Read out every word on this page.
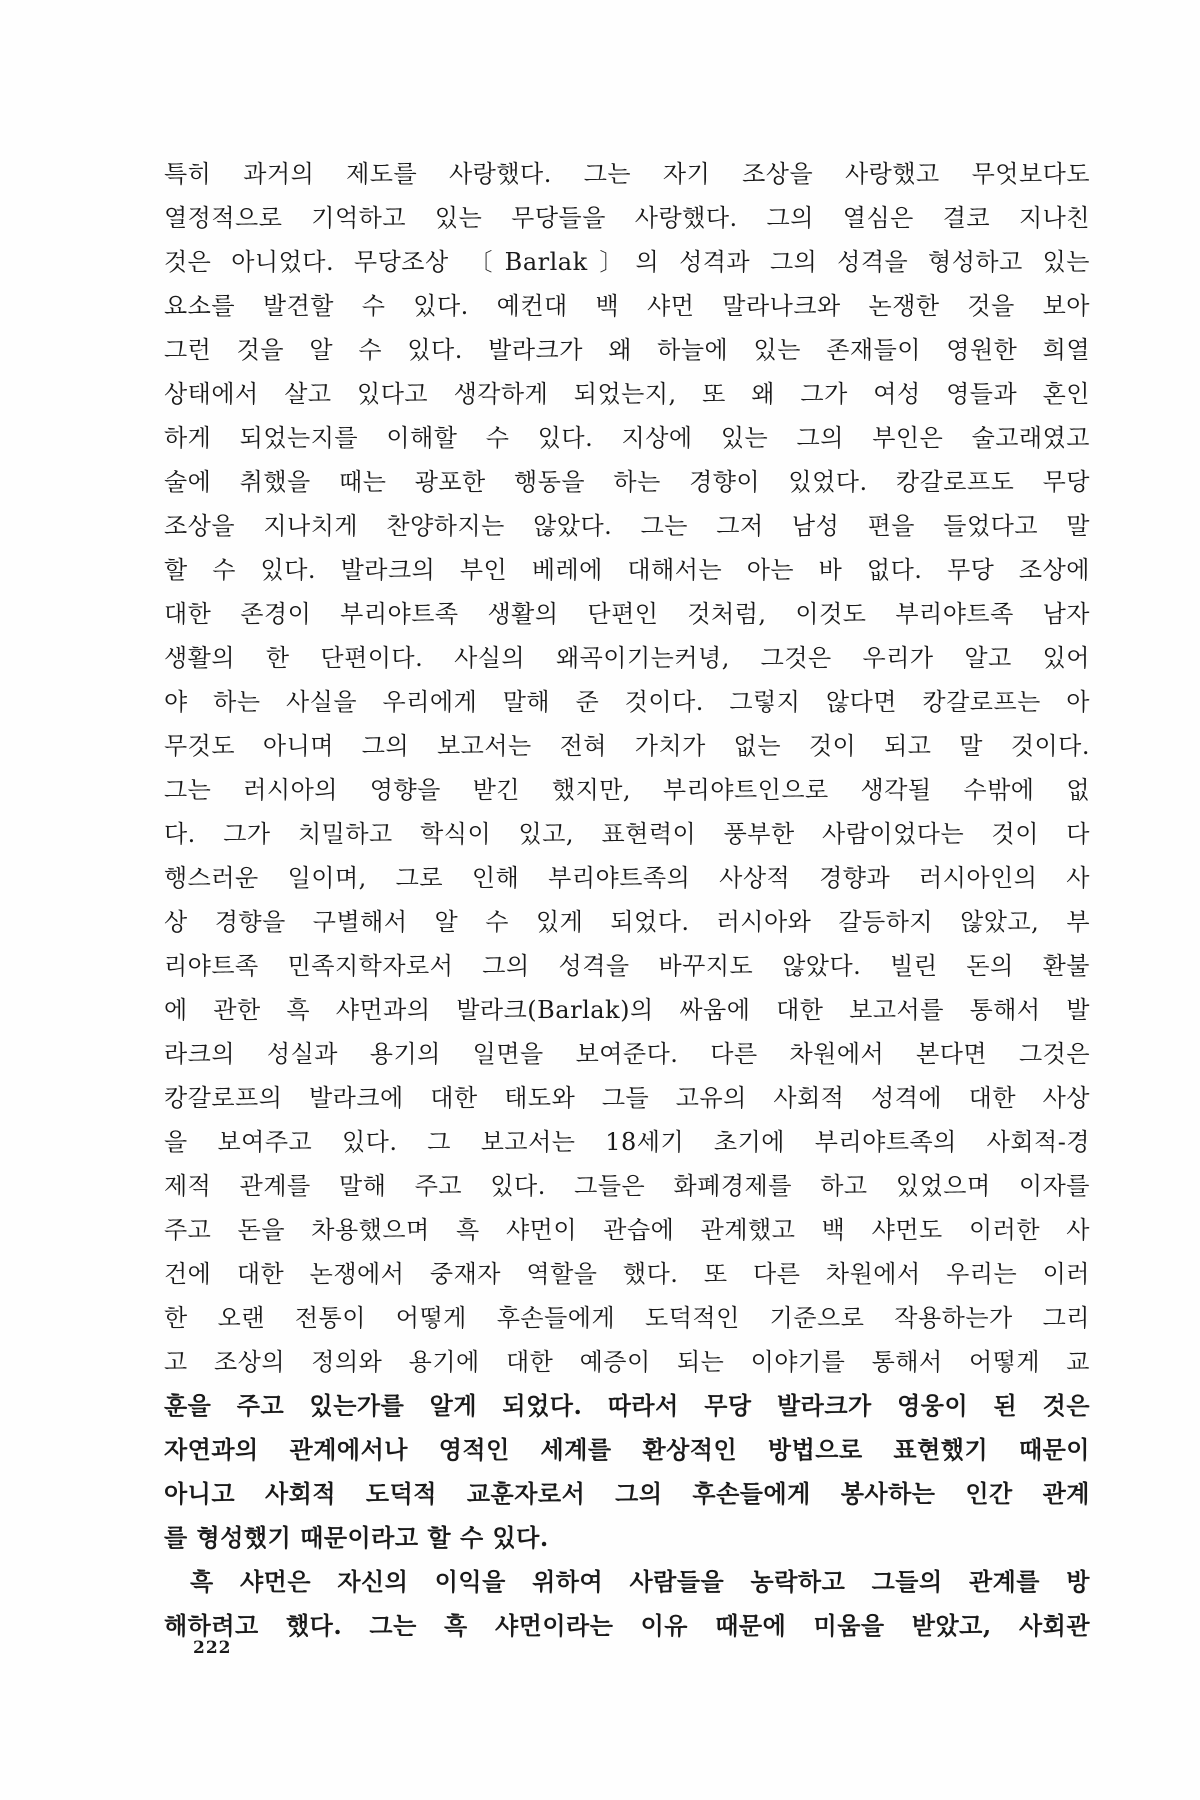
특히 과거의 제도를 사랑했다. 그는 자기 조상을 사랑했고 무엇보다도
열정적으로 기억하고 있는 무당들을 사랑했다. 그의 열심은 결코 지나친
것은 아니었다. 무당조상 〔Barlak〕의 성격과 그의 성격을 형성하고 있는
요소를 발견할 수 있다. 예컨대 백 샤먼 말라나크와 논쟁한 것을 보아
그런 것을 알 수 있다. 발라크가 왜 하늘에 있는 존재들이 영원한 희열
상태에서 살고 있다고 생각하게 되었는지, 또 왜 그가 여성 영들과 혼인
하게 되었는지를 이해할 수 있다. 지상에 있는 그의 부인은 술고래였고
술에 취했을 때는 광포한 행동을 하는 경향이 있었다. 캉갈로프도 무당
조상을 지나치게 찬양하지는 않았다. 그는 그저 남성 편을 들었다고 말
할 수 있다. 발라크의 부인 베레에 대해서는 아는 바 없다. 무당 조상에
대한 존경이 부리야트족 생활의 단편인 것처럼, 이것도 부리야트족 남자
생활의 한 단편이다. 사실의 왜곡이기는커녕, 그것은 우리가 알고 있어
야 하는 사실을 우리에게 말해 준 것이다. 그렇지 않다면 캉갈로프는 아
무것도 아니며 그의 보고서는 전혀 가치가 없는 것이 되고 말 것이다.
그는 러시아의 영향을 받긴 했지만, 부리야트인으로 생각될 수밖에 없
다. 그가 치밀하고 학식이 있고, 표현력이 풍부한 사람이었다는 것이 다
행스러운 일이며, 그로 인해 부리야트족의 사상적 경향과 러시아인의 사
상 경향을 구별해서 알 수 있게 되었다. 러시아와 갈등하지 않았고, 부
리야트족 민족지학자로서 그의 성격을 바꾸지도 않았다. 빌린 돈의 환불
에 관한 흑 샤먼과의 발라크(Barlak)의 싸움에 대한 보고서를 통해서 발
라크의 성실과 용기의 일면을 보여준다. 다른 차원에서 본다면 그것은
캉갈로프의 발라크에 대한 태도와 그들 고유의 사회적 성격에 대한 사상
을 보여주고 있다. 그 보고서는 18세기 초기에 부리야트족의 사회적-경
제적 관계를 말해 주고 있다. 그들은 화폐경제를 하고 있었으며 이자를
주고 돈을 차용했으며 흑 샤먼이 관습에 관계했고 백 샤먼도 이러한 사
건에 대한 논쟁에서 중재자 역할을 했다. 또 다른 차원에서 우리는 이러
한 오랜 전통이 어떻게 후손들에게 도덕적인 기준으로 작용하는가 그리
고 조상의 정의와 용기에 대한 예증이 되는 이야기를 통해서 어떻게 교
훈을 주고 있는가를 알게 되었다. 따라서 무당 발라크가 영웅이 된 것은
자연과의 관계에서나 영적인 세계를 환상적인 방법으로 표현했기 때문이
아니고 사회적 도덕적 교훈자로서 그의 후손들에게 봉사하는 인간 관계
를 형성했기 때문이라고 할 수 있다.
흑 샤먼은 자신의 이익을 위하여 사람들을 농락하고 그들의 관계를 방
해하려고 했다. 그는 흑 샤먼이라는 이유 때문에 미움을 받았고, 사회관
222
